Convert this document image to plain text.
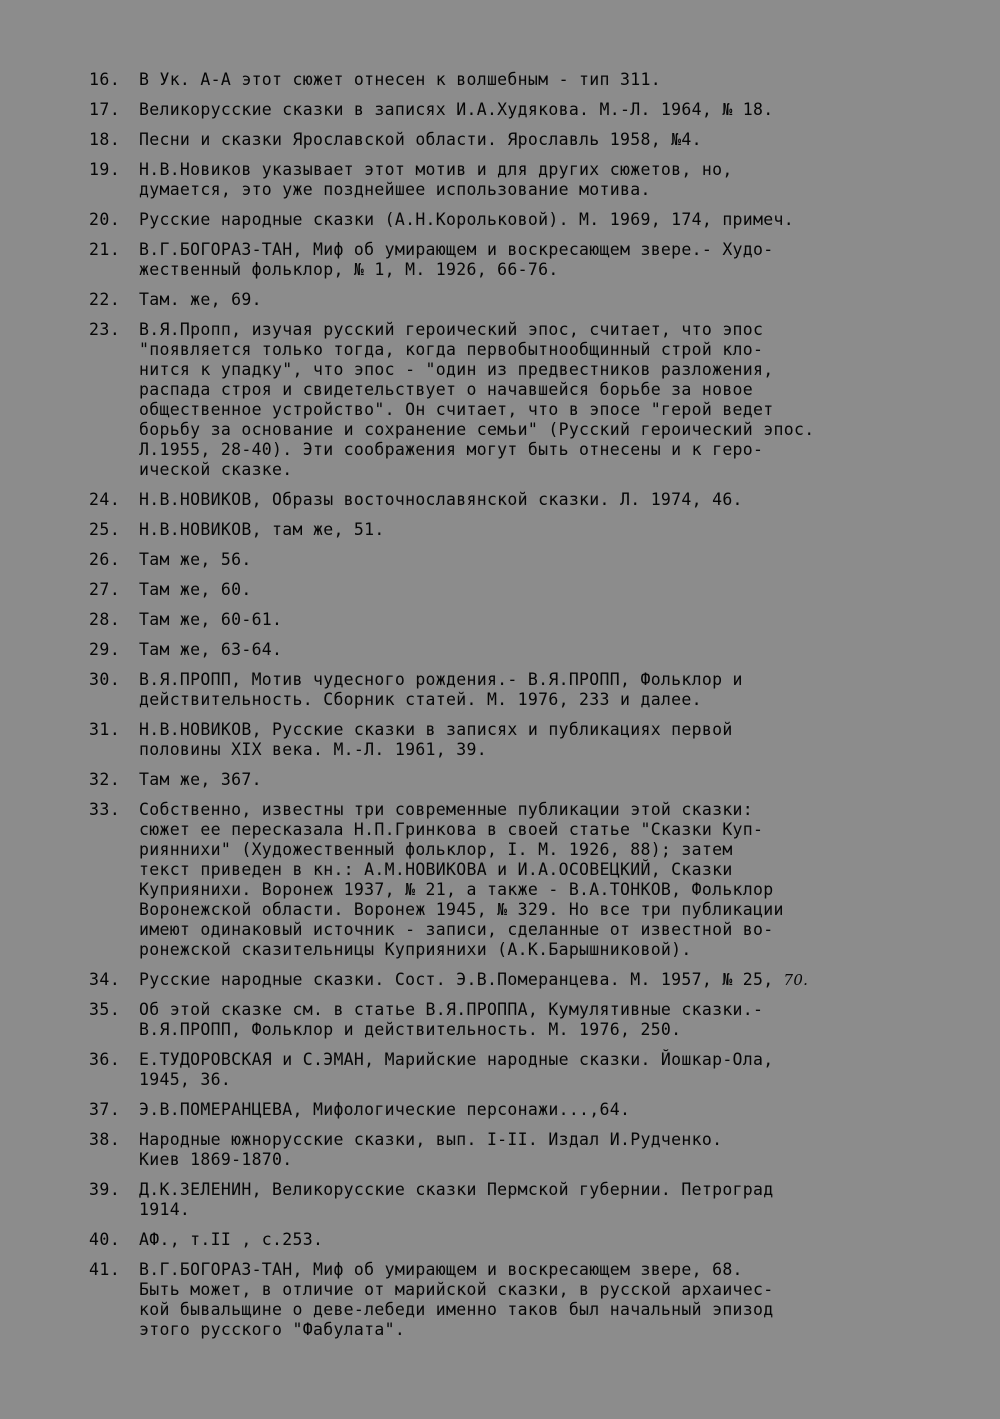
16.	В Ук. А-А этот сюжет отнесен к волшебным - тип 311.
17.	Великорусские сказки в записях И.А.Худякова. М.-Л. 1964, № 18.
18.	Песни и сказки Ярославской области. Ярославль 1958, №4.
19.	Н.В.Новиков указывает этот мотив и для других сюжетов, но,
думается, это уже позднейшее использование мотива.
20.	Русские народные сказки (А.Н.Корольковой). М. 1969, 174, примеч.
21.	В.Г.БОГОРАЗ-ТАН, Миф об умирающем и воскресающем звере.- Худо-
жественный фольклор, № 1, М. 1926, 66-76.
22.	Там. же, 69.
23.	В.Я.Пропп, изучая русский героический эпос, считает, что эпос
"появляется только тогда, когда первобытнообщинный строй кло-
нится к упадку", что эпос - "один из предвестников разложения,
распада строя и свидетельствует о начавшейся борьбе за новое
общественное устройство". Он считает, что в эпосе "герой ведет
борьбу за основание и сохранение семьи" (Русский героический эпос.
Л.1955, 28-40). Эти соображения могут быть отнесены и к геро-
ической сказке.
24.	Н.В.НОВИКОВ, Образы восточнославянской сказки. Л. 1974, 46.
25.	Н.В.НОВИКОВ, там же, 51.
26.	Там же, 56.
27.	Там же, 60.
28.	Там же, 60-61.
29.	Там же, 63-64.
30.	В.Я.ПРОПП, Мотив чудесного рождения.- В.Я.ПРОПП, Фольклор и
действительность. Сборник статей. М. 1976, 233 и далее.
31.	Н.В.НОВИКОВ, Русские сказки в записях и публикациях первой
половины XIX века. М.-Л. 1961, 39.
32.	Там же, 367.
33.	Собственно, известны три современные публикации этой сказки:
сюжет ее пересказала Н.П.Гринкова в своей статье "Сказки Куп-
рияннихи" (Художественный фольклор, I. М. 1926, 88); затем
текст приведен в кн.: А.М.НОВИКОВА и И.А.ОСОВЕЦКИЙ, Сказки
Куприянихи. Воронеж 1937, № 21, а также - В.А.ТОНКОВ, Фольклор
Воронежской области. Воронеж 1945, № 329. Но все три публикации
имеют одинаковый источник - записи, сделанные от известной во-
ронежской сказительницы Куприянихи (А.К.Барышниковой).
34.	Русские народные сказки. Сост. Э.В.Померанцева. М. 1957, № 25, 70.
35.	Об этой сказке см. в статье В.Я.ПРОППА, Кумулятивные сказки.-
В.Я.ПРОПП, Фольклор и действительность. М. 1976, 250.
36.	Е.ТУДОРОВСКАЯ и С.ЭМАН, Марийские народные сказки. Йошкар-Ола,
1945, 36.
37.	Э.В.ПОМЕРАНЦЕВА, Мифологические персонажи...,64.
38.	Народные южнорусские сказки, вып. I-II. Издал И.Рудченко.
Киев 1869-1870.
39.	Д.К.ЗЕЛЕНИН, Великорусские сказки Пермской губернии. Петроград
1914.
40.	АФ., т.II , с.253.
41.	В.Г.БОГОРАЗ-ТАН, Миф об умирающем и воскресающем звере, 68.
Быть может, в отличие от марийской сказки, в русской архаичес-
кой бывальщине о деве-лебеди именно таков был начальный эпизод
этого русского "Фабулата".
